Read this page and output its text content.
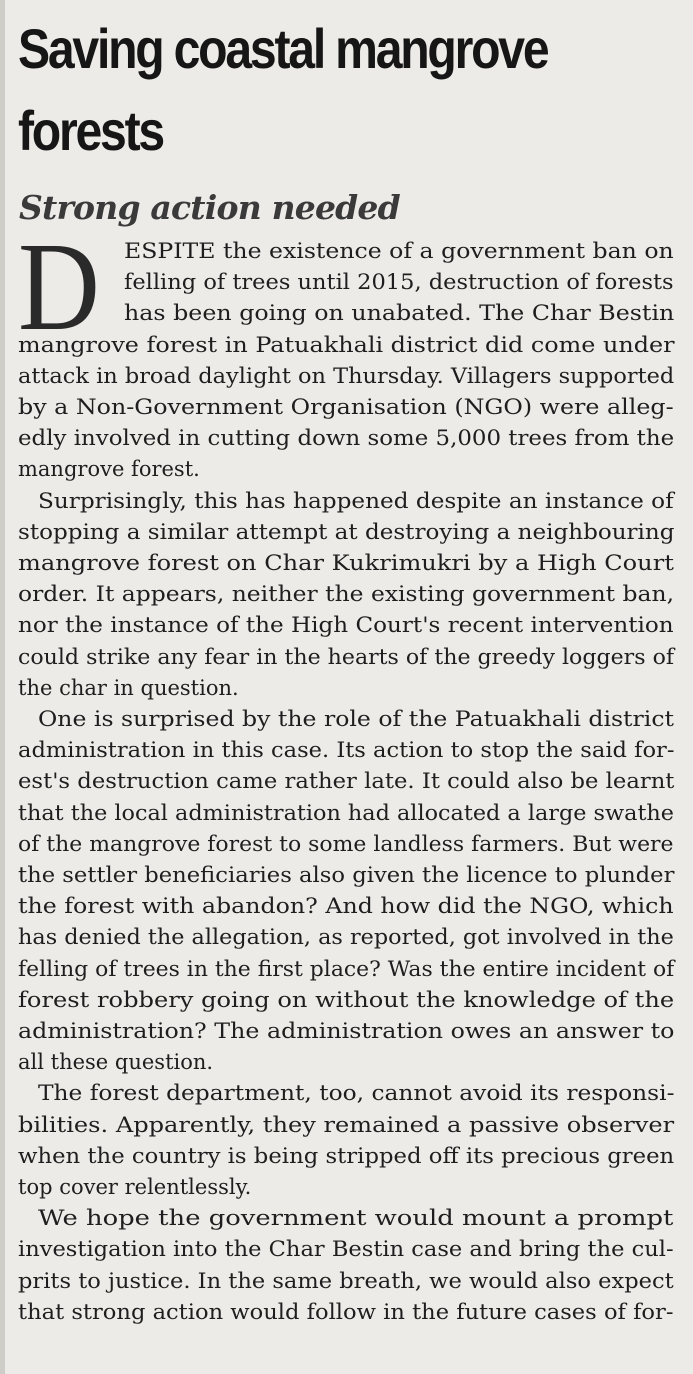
Saving coastal mangrove
forests
Strong action needed
D	ESPITE the existence of a government ban on
felling of trees until 2015, destruction of forests
has been going on unabated. The Char Bestin
mangrove forest in Patuakhali district did come under
attack in broad daylight on Thursday. Villagers supported
by a Non-Government Organisation (NGO) were alleg-
edly involved in cutting down some 5,000 trees from the
mangrove forest.
Surprisingly, this has happened despite an instance of
stopping a similar attempt at destroying a neighbouring
mangrove forest on Char Kukrimukri by a High Court
order. It appears, neither the existing government ban,
nor the instance of the High Court's recent intervention
could strike any fear in the hearts of the greedy loggers of
the char in question.
One is surprised by the role of the Patuakhali district
administration in this case. Its action to stop the said for-
est's destruction came rather late. It could also be learnt
that the local administration had allocated a large swathe
of the mangrove forest to some landless farmers. But were
the settler beneficiaries also given the licence to plunder
the forest with abandon? And how did the NGO, which
has denied the allegation, as reported, got involved in the
felling of trees in the first place? Was the entire incident of
forest robbery going on without the knowledge of the
administration? The administration owes an answer to
all these question.
The forest department, too, cannot avoid its responsi-
bilities. Apparently, they remained a passive observer
when the country is being stripped off its precious green
top cover relentlessly.
We hope the government would mount a prompt
investigation into the Char Bestin case and bring the cul-
prits to justice. In the same breath, we would also expect
that strong action would follow in the future cases of for-
